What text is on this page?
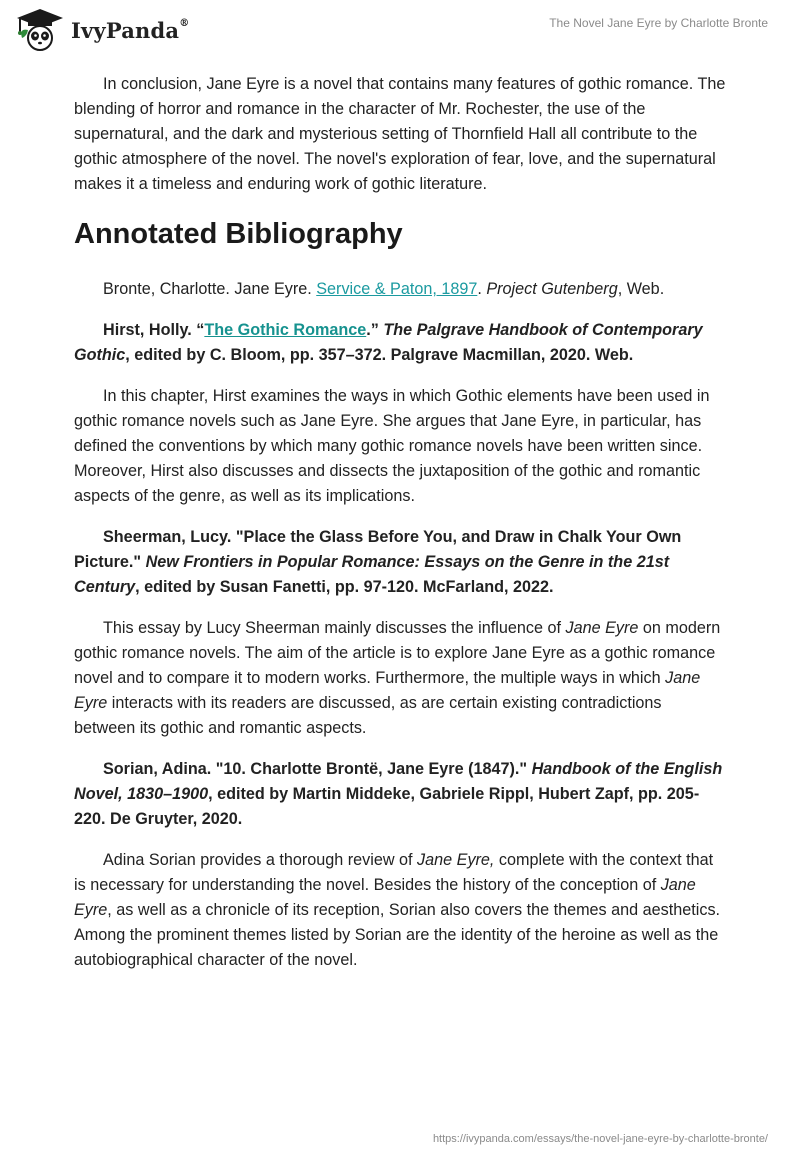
IvyPanda®	The Novel Jane Eyre by Charlotte Bronte

In conclusion, Jane Eyre is a novel that contains many features of gothic romance. The blending of horror and romance in the character of Mr. Rochester, the use of the supernatural, and the dark and mysterious setting of Thornfield Hall all contribute to the gothic atmosphere of the novel. The novel's exploration of fear, love, and the supernatural makes it a timeless and enduring work of gothic literature.

Annotated Bibliography

Bronte, Charlotte. Jane Eyre. Service & Paton, 1897. Project Gutenberg, Web.

Hirst, Holly. “The Gothic Romance.” The Palgrave Handbook of Contemporary Gothic, edited by C. Bloom, pp. 357–372. Palgrave Macmillan, 2020. Web.

In this chapter, Hirst examines the ways in which Gothic elements have been used in gothic romance novels such as Jane Eyre. She argues that Jane Eyre, in particular, has defined the conventions by which many gothic romance novels have been written since. Moreover, Hirst also discusses and dissects the juxtaposition of the gothic and romantic aspects of the genre, as well as its implications.

Sheerman, Lucy. "Place the Glass Before You, and Draw in Chalk Your Own Picture." New Frontiers in Popular Romance: Essays on the Genre in the 21st Century, edited by Susan Fanetti, pp. 97-120. McFarland, 2022.

This essay by Lucy Sheerman mainly discusses the influence of Jane Eyre on modern gothic romance novels. The aim of the article is to explore Jane Eyre as a gothic romance novel and to compare it to modern works. Furthermore, the multiple ways in which Jane Eyre interacts with its readers are discussed, as are certain existing contradictions between its gothic and romantic aspects.

Sorian, Adina. "10. Charlotte Brontë, Jane Eyre (1847)." Handbook of the English Novel, 1830–1900, edited by Martin Middeke, Gabriele Rippl, Hubert Zapf, pp. 205-220. De Gruyter, 2020.

Adina Sorian provides a thorough review of Jane Eyre, complete with the context that is necessary for understanding the novel. Besides the history of the conception of Jane Eyre, as well as a chronicle of its reception, Sorian also covers the themes and aesthetics. Among the prominent themes listed by Sorian are the identity of the heroine as well as the autobiographical character of the novel.

https://ivypanda.com/essays/the-novel-jane-eyre-by-charlotte-bronte/
